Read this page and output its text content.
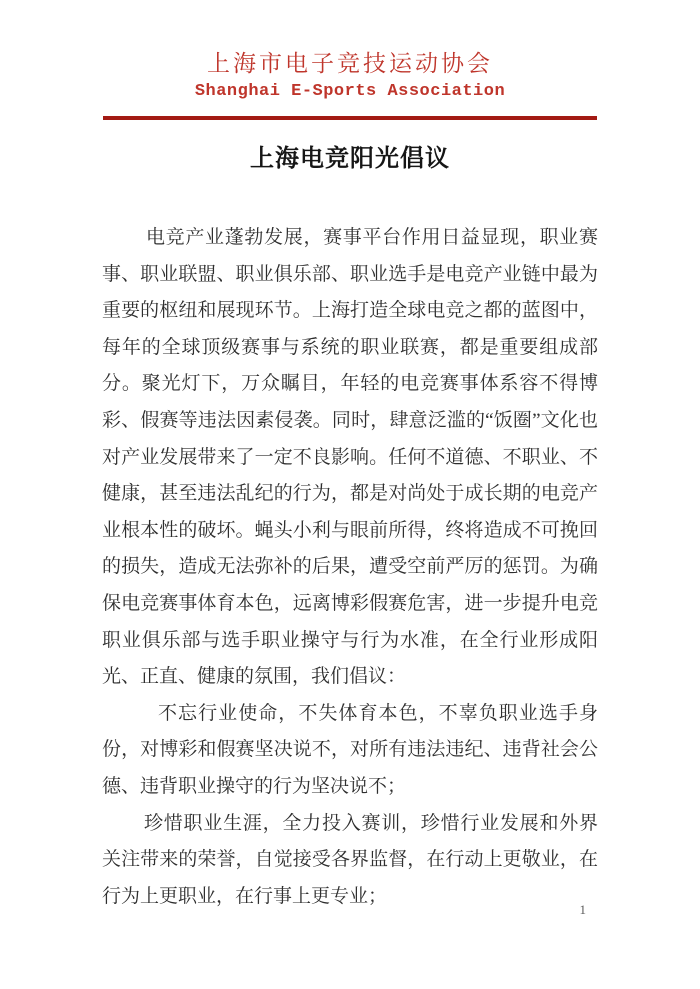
上海市电子竞技运动协会
Shanghai E-Sports Association
上海电竞阳光倡议

电竞产业蓬勃发展，赛事平台作用日益显现，职业赛事、职业联盟、职业俱乐部、职业选手是电竞产业链中最为重要的枢纽和展现环节。上海打造全球电竞之都的蓝图中，每年的全球顶级赛事与系统的职业联赛，都是重要组成部分。聚光灯下，万众瞩目，年轻的电竞赛事体系容不得博彩、假赛等违法因素侵袭。同时，肆意泛滥的“饭圈”文化也对产业发展带来了一定不良影响。任何不道德、不职业、不健康，甚至违法乱纪的行为，都是对尚处于成长期的电竞产业根本性的破坏。蝇头小利与眼前所得，终将造成不可挽回的损失，造成无法弥补的后果，遭受空前严厉的惩罚。为确保电竞赛事体育本色，远离博彩假赛危害，进一步提升电竞职业俱乐部与选手职业操守与行为水准，在全行业形成阳光、正直、健康的氛围，我们倡议：

不忘行业使命，不失体育本色，不辜负职业选手身份，对博彩和假赛坚决说不，对所有违法违纪、违背社会公德、违背职业操守的行为坚决说不；

珍惜职业生涯，全力投入赛训，珍惜行业发展和外界关注带来的荣誉，自觉接受各界监督，在行动上更敬业，在行为上更职业，在行事上更专业；

1
